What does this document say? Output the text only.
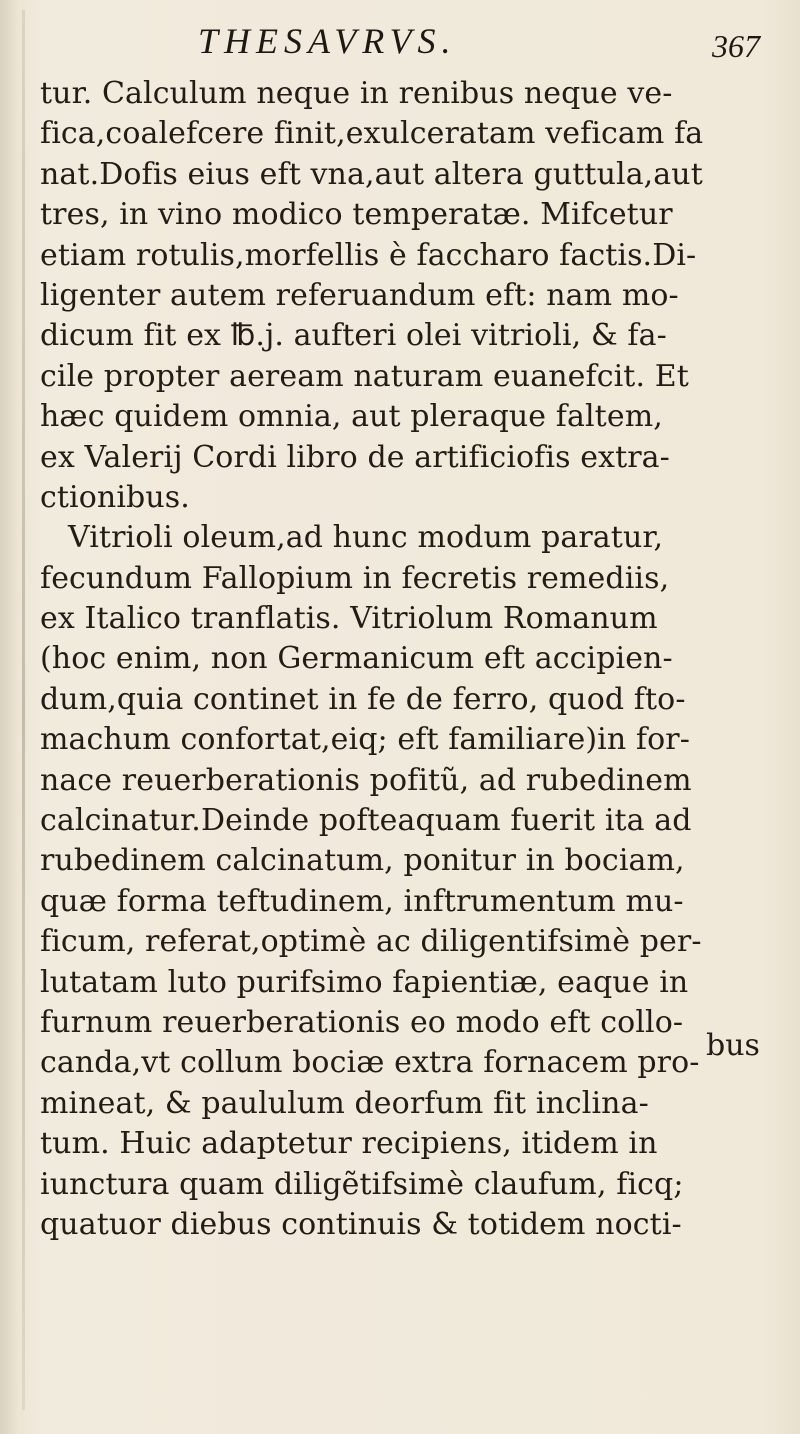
THESAVRVS.	367
tur. Calculum neque in renibus neque ve-
fica,coalefcere finit,exulceratam veficam fa
nat.Dofis eius eft vna,aut altera guttula,aut
tres, in vino modico temperatæ. Mifcetur
etiam rotulis,morfellis è faccharo factis.Di-
ligenter autem referuandum eft: nam mo-
dicum fit ex ℔.j. aufteri olei vitrioli, & fa-
cile propter aeream naturam euanefcit. Et
hæc quidem omnia, aut pleraque faltem,
ex Valerij Cordi libro de artificiofis extra-
ctionibus.
Vitrioli oleum,ad hunc modum paratur,
fecundum Fallopium in fecretis remediis,
ex Italico tranflatis. Vitriolum Romanum
(hoc enim, non Germanicum eft accipien-
dum,quia continet in fe de ferro, quod fto-
machum confortat,eiq; eft familiare)in for-
nace reuerberationis pofitũ, ad rubedinem
calcinatur.Deinde pofteaquam fuerit ita ad
rubedinem calcinatum, ponitur in bociam,
quæ forma teftudinem, inftrumentum mu-
ficum, referat,optimè ac diligentifsimè per-
lutatam luto purifsimo fapientiæ, eaque in
furnum reuerberationis eo modo eft collo-
canda,vt collum bociæ extra fornacem pro-
mineat, & paululum deorfum fit inclina-
tum. Huic adaptetur recipiens, itidem in
iunctura quam diligẽtifsimè claufum, ficq;
quatuor diebus continuis & totidem nocti-
bus
